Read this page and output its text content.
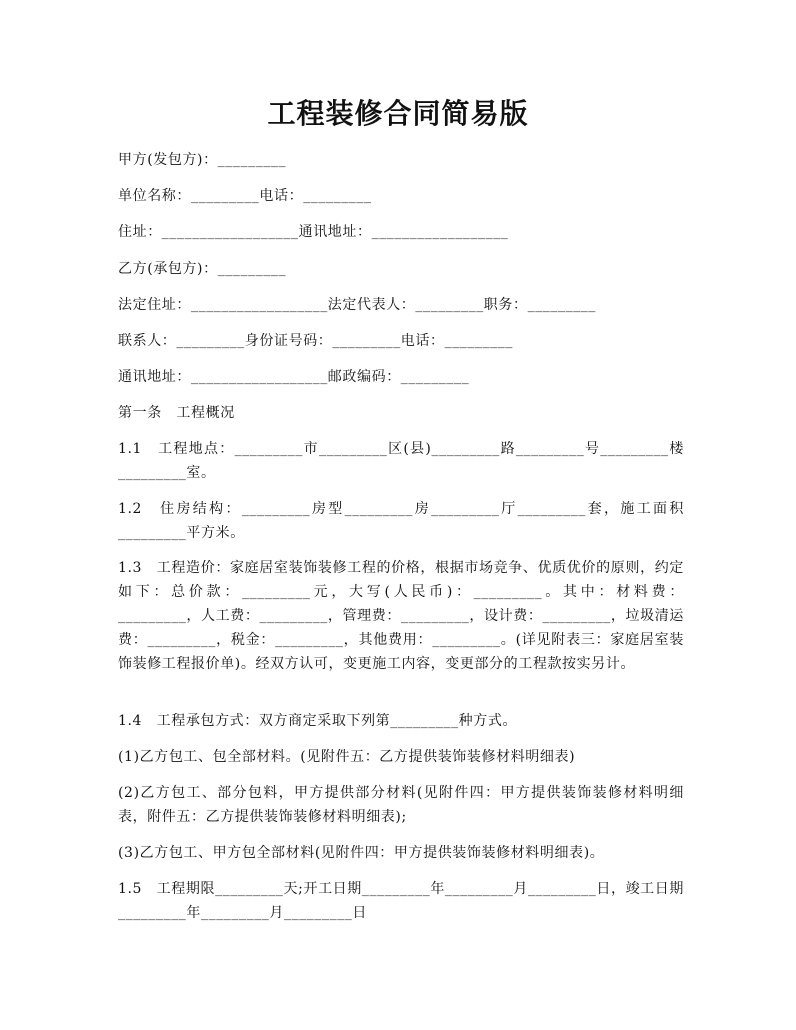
工程装修合同简易版
甲方(发包方)：_________
单位名称：_________电话：_________
住址：__________________通讯地址：__________________
乙方(承包方)：_________
法定住址：__________________法定代表人：_________职务：_________
联系人：_________身份证号码：_________电话：_________
通讯地址：__________________邮政编码：_________
第一条　工程概况
1.1　工程地点：_________市_________区(县)_________路_________号_________楼_________室。
1.2　住房结构：_________房型_________房_________厅_________套，施工面积_________平方米。
1.3　工程造价：家庭居室装饰装修工程的价格，根据市场竞争、优质优价的原则，约定如下：总价款：_________元，大写(人民币)：_________。其中：材料费：_________，人工费：_________，管理费：_________，设计费：_________，垃圾清运费：_________，税金：_________，其他费用：_________。(详见附表三：家庭居室装饰装修工程报价单)。经双方认可，变更施工内容，变更部分的工程款按实另计。
1.4　工程承包方式：双方商定采取下列第_________种方式。
(1)乙方包工、包全部材料。(见附件五：乙方提供装饰装修材料明细表)
(2)乙方包工、部分包料，甲方提供部分材料(见附件四：甲方提供装饰装修材料明细表，附件五：乙方提供装饰装修材料明细表);
(3)乙方包工、甲方包全部材料(见附件四：甲方提供装饰装修材料明细表)。
1.5　工程期限_________天;开工日期_________年_________月_________日，竣工日期_________年_________月_________日
